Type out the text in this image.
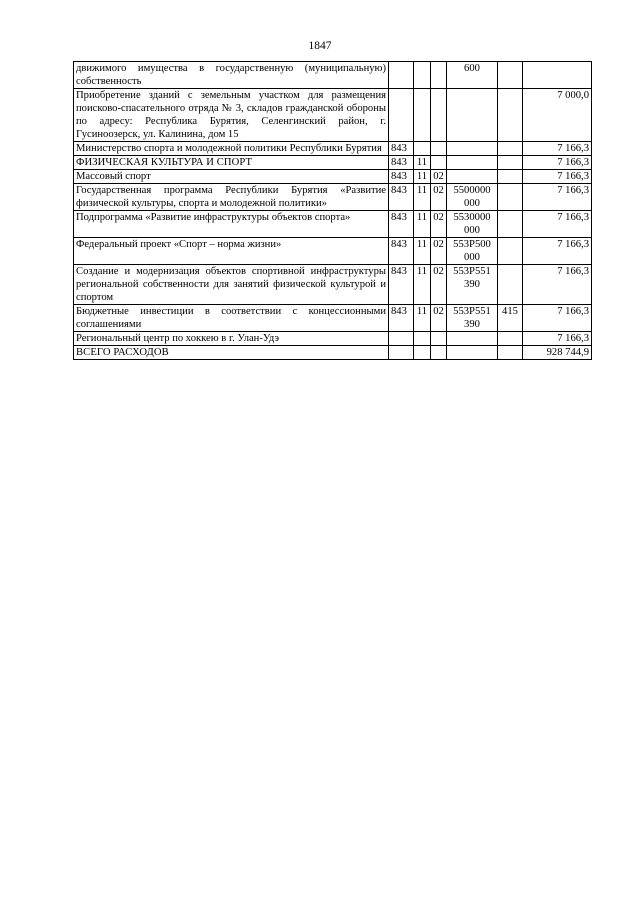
1847
движимого имущества в государственную (муниципальную) собственность				600		
Приобретение зданий с земельным участком для размещения поисково-спасательного отряда № 3, складов гражданской обороны по адресу: Республика Бурятия, Селенгинский район, г. Гусиноозерск, ул. Калинина, дом 15						7 000,0
Министерство спорта и молодежной политики Республики Бурятия	843					7 166,3
ФИЗИЧЕСКАЯ КУЛЬТУРА И СПОРТ	843	11				7 166,3
Массовый спорт	843	11	02			7 166,3
Государственная программа Республики Бурятия «Развитие физической культуры, спорта и молодежной политики»	843	11	02	5500000 000		7 166,3
Подпрограмма «Развитие инфраструктуры объектов спорта»	843	11	02	5530000 000		7 166,3
Федеральный проект «Спорт – норма жизни»	843	11	02	553P500 000		7 166,3
Создание и модернизация объектов спортивной инфраструктуры региональной собственности для занятий физической культурой и спортом	843	11	02	553P551 390		7 166,3
Бюджетные инвестиции в соответствии с концессионными соглашениями	843	11	02	553P551 390	415	7 166,3
Региональный центр по хоккею в г. Улан-Удэ						7 166,3
ВСЕГО РАСХОДОВ						928 744,9
